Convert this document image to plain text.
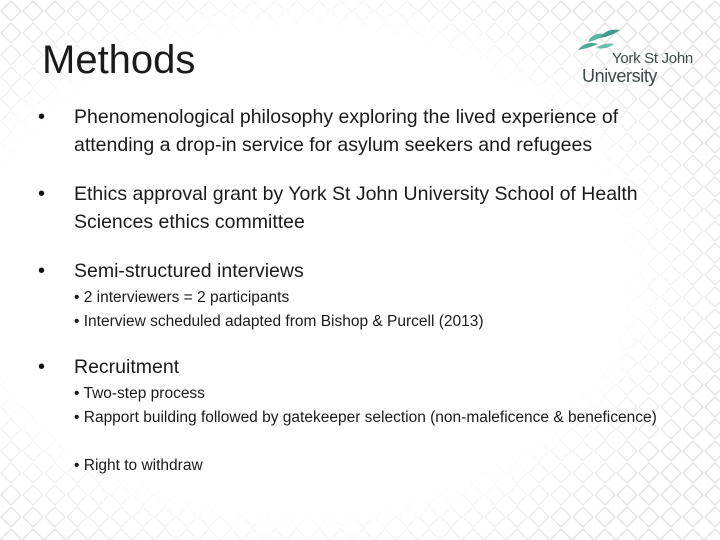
Methods	York St John
University
•	Phenomenological philosophy exploring the lived experience of attending a drop-in service for asylum seekers and refugees
•	Ethics approval grant by York St John University School of Health Sciences ethics committee
•	Semi-structured interviews
• 2 interviewers = 2 participants
• Interview scheduled adapted from Bishop & Purcell (2013)
•	Recruitment
• Two-step process
• Rapport building followed by gatekeeper selection (non-maleficence & beneficence)
• Right to withdraw
